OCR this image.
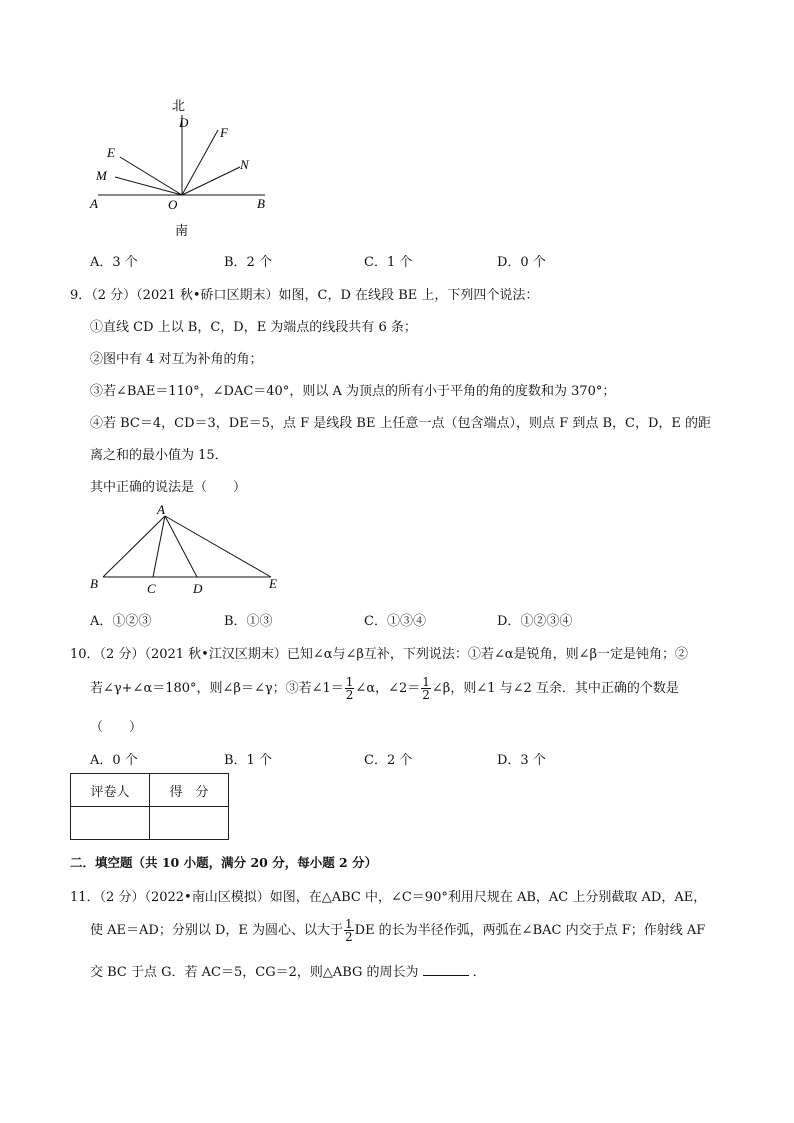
北
D
F
E
N
M
A	O	B
南
A．3 个	B．2 个	C．1 个	D．0 个
9．（2 分）（2021 秋•硚口区期末）如图，C，D 在线段 BE 上，下列四个说法：
①直线 CD 上以 B，C，D，E 为端点的线段共有 6 条；
②图中有 4 对互为补角的角；
③若∠BAE＝110°，∠DAC＝40°，则以 A 为顶点的所有小于平角的角的度数和为 370°；
④若 BC＝4，CD＝3，DE＝5，点 F 是线段 BE 上任意一点（包含端点），则点 F 到点 B，C，D，E 的距
离之和的最小值为 15．
其中正确的说法是（　　）
A
B	C	D	E
A．①②③	B．①③	C．①③④	D．①②③④
10．（2 分）（2021 秋•江汉区期末）已知∠α与∠β互补，下列说法：①若∠α是锐角，则∠β一定是钝角；②
若∠γ+∠α＝180°，则∠β＝∠γ；③若∠1＝ $\frac{1}{2}$ ∠α，∠2＝ $\frac{1}{2}$ ∠β，则∠1 与∠2 互余．其中正确的个数是
（　　）
A．0 个	B．1 个	C．2 个	D．3 个
评卷人	得　分

二．填空题（共 10 小题，满分 20 分，每小题 2 分）
11．（2 分）（2022•南山区模拟）如图，在△ABC 中，∠C＝90°利用尺规在 AB，AC 上分别截取 AD，AE，
使 AE＝AD；分别以 D，E 为圆心、以大于 $\frac{1}{2}$ DE 的长为半径作弧，两弧在∠BAC 内交于点 F；作射线 AF
交 BC 于点 G．若 AC＝5，CG＝2，则△ABG 的周长为	．
